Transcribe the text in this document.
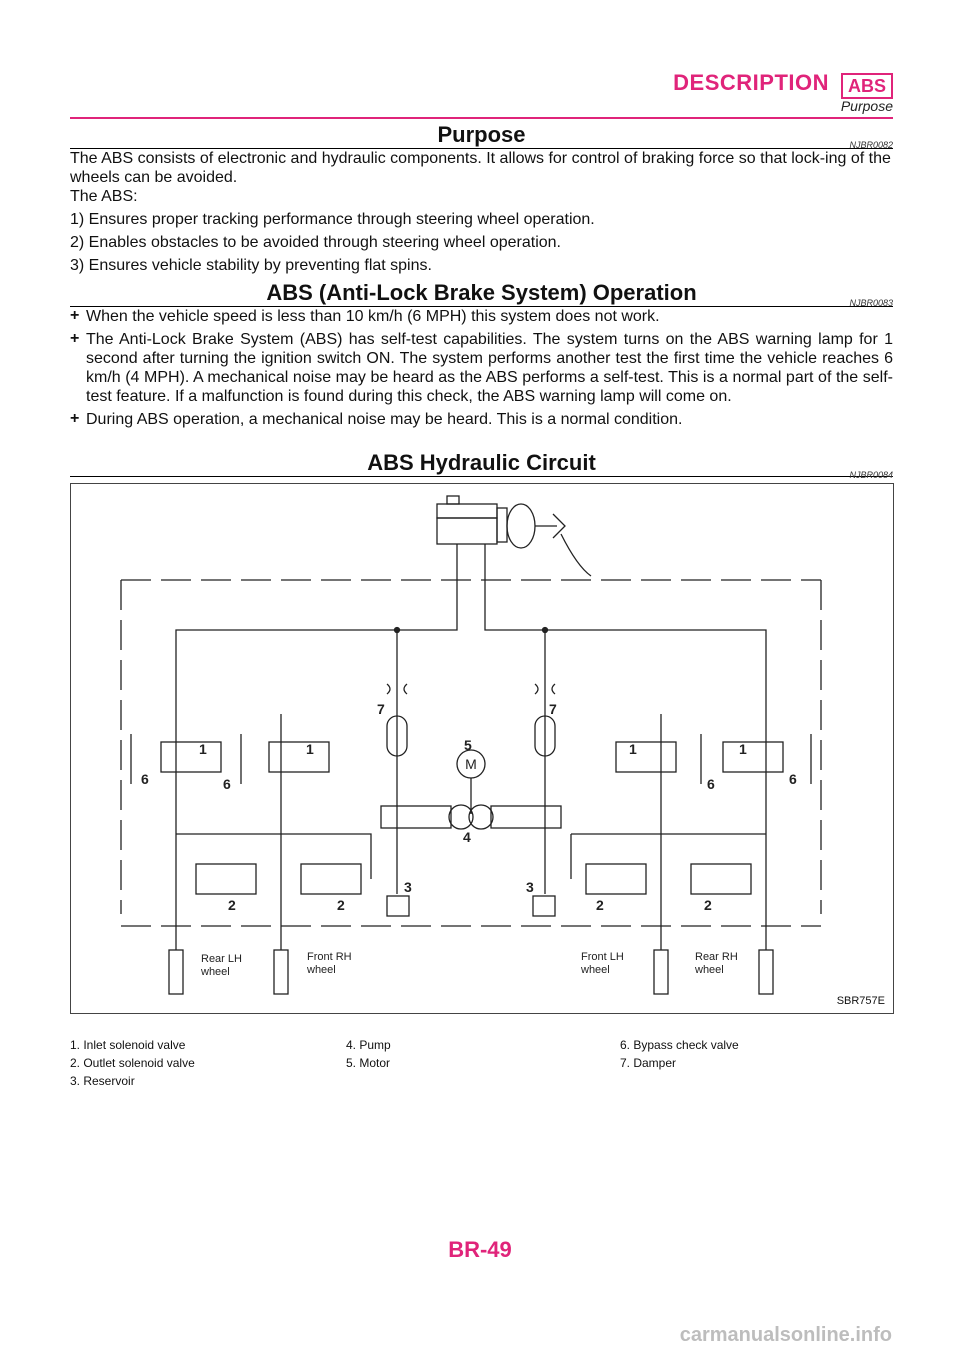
DESCRIPTION	ABS
Purpose
Purpose	NJBR0082

The ABS consists of electronic and hydraulic components. It allows for control of braking force so that lock-ing of the wheels can be avoided.

The ABS:

1) Ensures proper tracking performance through steering wheel operation.

2) Enables obstacles to be avoided through steering wheel operation.

3) Ensures vehicle stability by preventing flat spins.

ABS (Anti-Lock Brake System) Operation	NJBR0083
+ When the vehicle speed is less than 10 km/h (6 MPH) this system does not work.

+ The Anti-Lock Brake System (ABS) has self-test capabilities. The system turns on the ABS warning lamp for 1 second after turning the ignition switch ON. The system performs another test the first time the vehicle reaches 6 km/h (4 MPH). A mechanical noise may be heard as the ABS performs a self-test. This is a normal part of the self-test feature. If a malfunction is found during this check, the ABS warning lamp will come on.

+ During ABS operation, a mechanical noise may be heard. This is a normal condition.

ABS Hydraulic Circuit	NJBR0084
M
Rear LH
wheel
Front RH
wheel
Front LH
wheel
Rear RH
wheel
1	1	1	1
2	2	2	2
3	3
4
5
6	6	6	6
7	7
SBR757E
1. Inlet solenoid valve
2. Outlet solenoid valve
3. Reservoir
4. Pump
5. Motor
6. Bypass check valve
7. Damper
BR-49
carmanualsonline.info
